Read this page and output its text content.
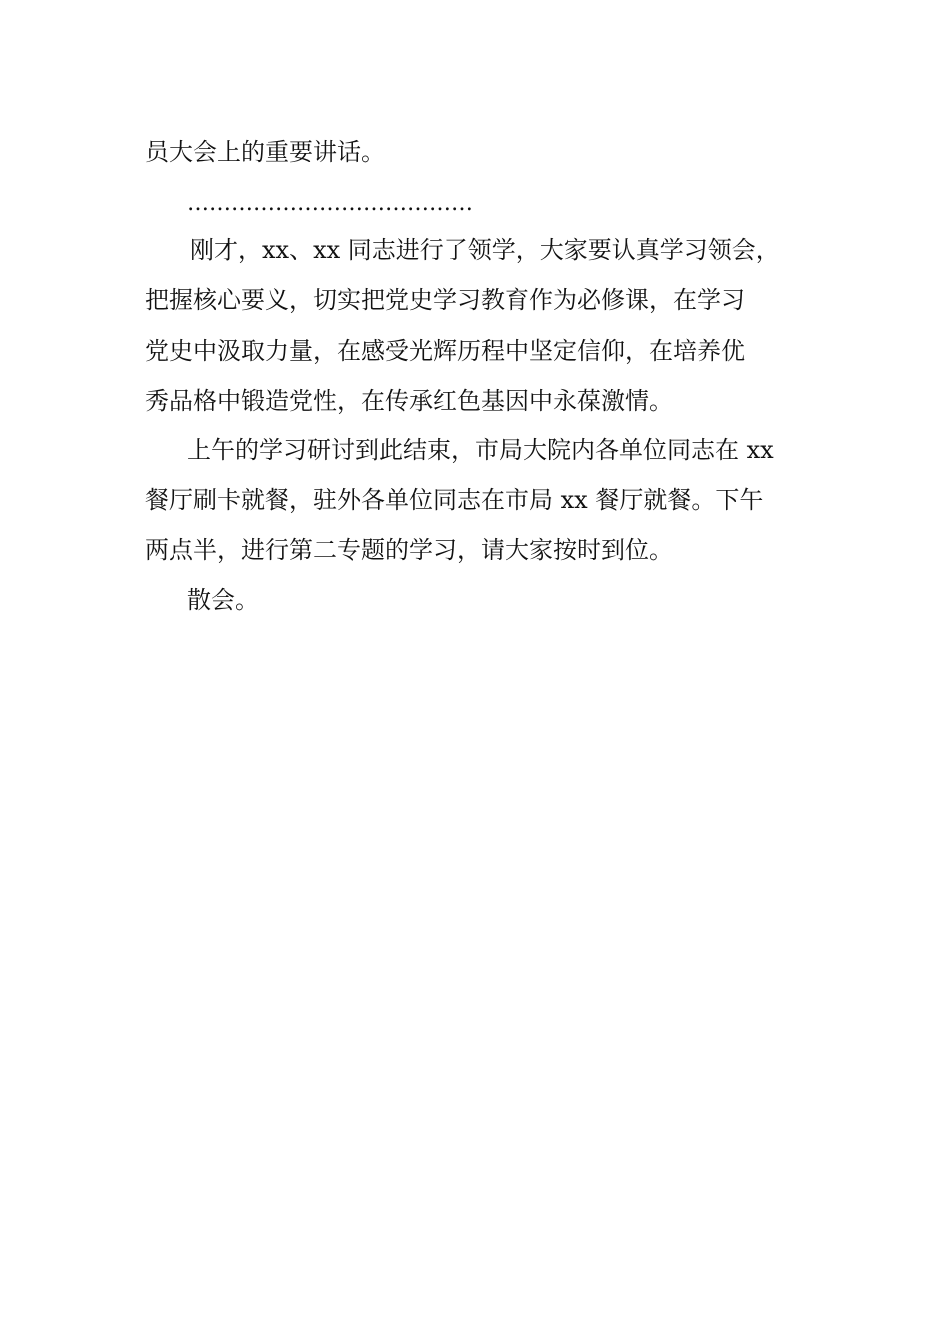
员大会上的重要讲话。

…………………………………

刚才，xx、xx 同志进行了领学，大家要认真学习领会，

把握核心要义，切实把党史学习教育作为必修课，在学习

党史中汲取力量，在感受光辉历程中坚定信仰，在培养优

秀品格中锻造党性，在传承红色基因中永葆激情。

上午的学习研讨到此结束，市局大院内各单位同志在 xx

餐厅刷卡就餐，驻外各单位同志在市局 xx 餐厅就餐。下午

两点半，进行第二专题的学习，请大家按时到位。

散会。
